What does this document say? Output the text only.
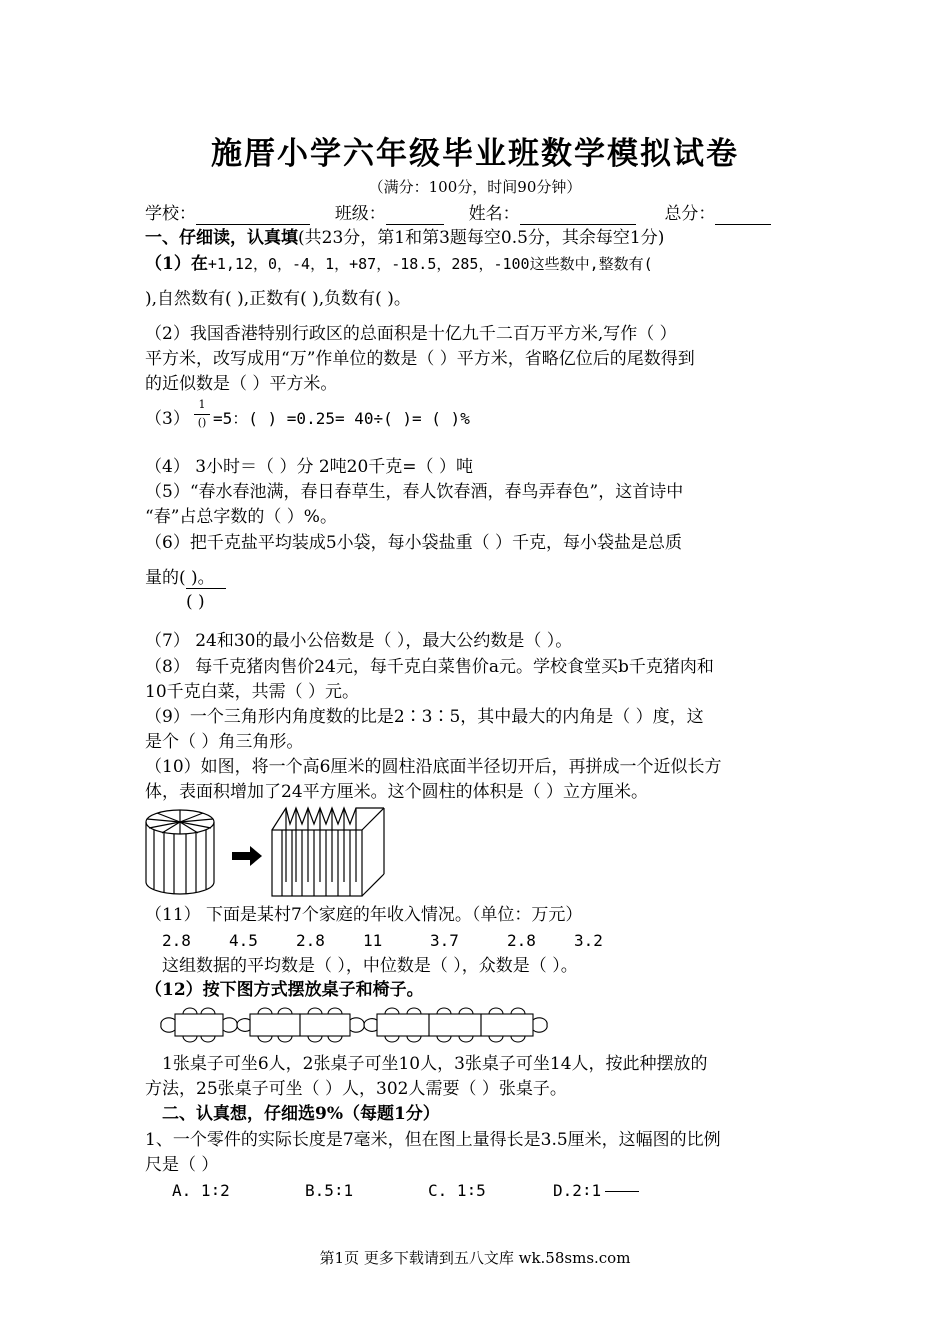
施厝小学六年级毕业班数学模拟试卷
（满分：100分，时间90分钟）
学校：	班级：	姓名：	总分：
一、仔细读，认真填(共23分，第1和第3题每空0.5分，其余每空1分)
（1）在+1,12，0，-4，1，+87，-18.5，285，-100这些数中,整数有(
),自然数有( ),正数有( ),负数有( )。
（2）我国香港特别行政区的总面积是十亿九千二百万平方米,写作（ ）
平方米，改写成用“万”作单位的数是（ ）平方米，省略亿位后的尾数得到
的近似数是（ ）平方米。
（3）
1
() =5：( ) =0.25= 40÷( )= ( )%
（4） 3小时＝（ ）分 2吨20千克=（ ）吨
（5）“春水春池满，春日春草生，春人饮春酒，春鸟弄春色”，这首诗中
“春”占总字数的（ ）%。
（6）把千克盐平均装成5小袋，每小袋盐重（ ）千克，每小袋盐是总质
量的( )。
( )
（7） 24和30的最小公倍数是（ ），最大公约数是（ ）。
（8） 每千克猪肉售价24元，每千克白菜售价a元。学校食堂买b千克猪肉和
10千克白菜，共需（ ）元。
（9）一个三角形内角度数的比是2∶3∶5，其中最大的内角是（ ）度，这
是个（ ）角三角形。
（10）如图，将一个高6厘米的圆柱沿底面半径切开后，再拼成一个近似长方
体，表面积增加了24平方厘米。这个圆柱的体积是（ ）立方厘米。
（11） 下面是某村7个家庭的年收入情况。（单位：万元）
2.8 4.5 2.8 11	3.7	2.8 3.2
这组数据的平均数是（ ），中位数是（ ），众数是（ ）。
（12）按下图方式摆放桌子和椅子。
1张桌子可坐6人，2张桌子可坐10人，3张桌子可坐14人，按此种摆放的
方法，25张桌子可坐（ ）人，302人需要（ ）张桌子。
二、认真想，仔细选9%（每题1分）
1、一个零件的实际长度是7毫米，但在图上量得长是3.5厘米，这幅图的比例
尺是（ ）
A. 1∶2	B.5∶1	C. 1∶5	D.2∶1
第1页 更多下载请到五八文库 wk.58sms.com
